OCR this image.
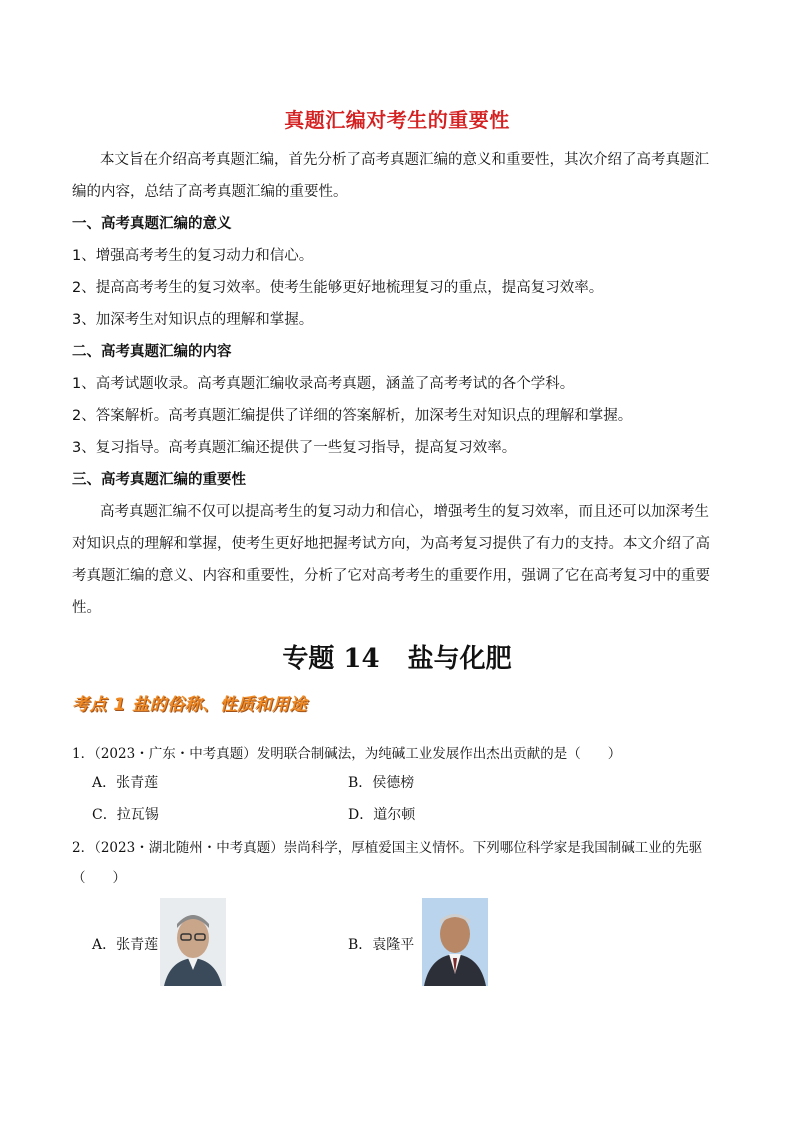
真题汇编对考生的重要性
本文旨在介绍高考真题汇编，首先分析了高考真题汇编的意义和重要性，其次介绍了高考真题汇
编的内容，总结了高考真题汇编的重要性。
一、高考真题汇编的意义
1、增强高考考生的复习动力和信心。
2、提高高考考生的复习效率。使考生能够更好地梳理复习的重点，提高复习效率。
3、加深考生对知识点的理解和掌握。
二、高考真题汇编的内容
1、高考试题收录。高考真题汇编收录高考真题，涵盖了高考考试的各个学科。
2、答案解析。高考真题汇编提供了详细的答案解析，加深考生对知识点的理解和掌握。
3、复习指导。高考真题汇编还提供了一些复习指导，提高复习效率。
三、高考真题汇编的重要性
高考真题汇编不仅可以提高考生的复习动力和信心，增强考生的复习效率，而且还可以加深考生
对知识点的理解和掌握，使考生更好地把握考试方向，为高考复习提供了有力的支持。本文介绍了高
考真题汇编的意义、内容和重要性，分析了它对高考考生的重要作用，强调了它在高考复习中的重要
性。
专题 14 盐与化肥
考点 1 盐的俗称、性质和用途
1．（2023・广东・中考真题）发明联合制碱法，为纯碱工业发展作出杰出贡献的是（　　）
A．张青莲	B．侯德榜
C．拉瓦锡	D．道尔顿
2．（2023・湖北随州・中考真题）崇尚科学，厚植爱国主义情怀。下列哪位科学家是我国制碱工业的先驱
（　　）
A．张青莲	B．袁隆平
